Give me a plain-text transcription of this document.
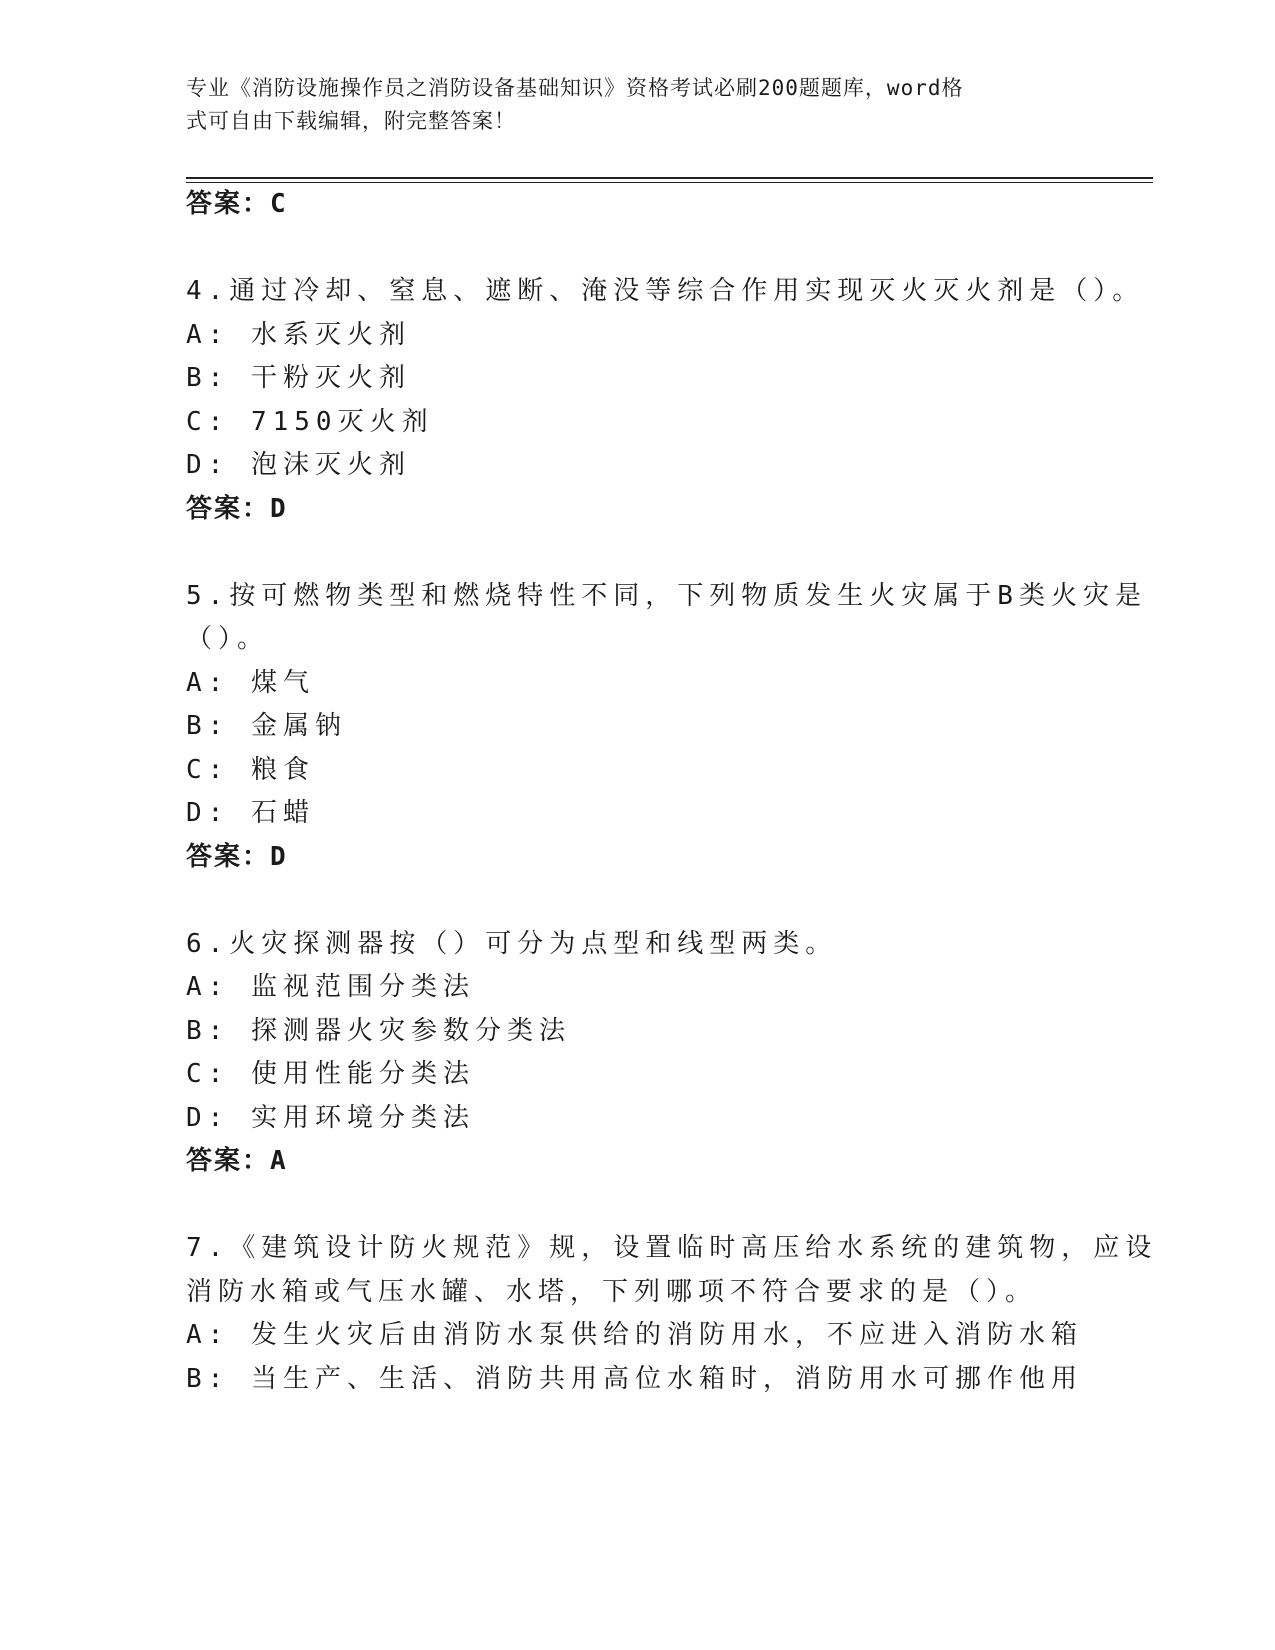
专业《消防设施操作员之消防设备基础知识》资格考试必刷200题题库，word格
式可自由下载编辑，附完整答案！
答案：C
4.通过冷却、窒息、遮断、淹没等综合作用实现灭火灭火剂是（）。
A: 水系灭火剂
B: 干粉灭火剂
C: 7150灭火剂
D: 泡沫灭火剂
答案：D
5.按可燃物类型和燃烧特性不同，下列物质发生火灾属于B类火灾是
（）。
A: 煤气
B: 金属钠
C: 粮食
D: 石蜡
答案：D
6.火灾探测器按（）可分为点型和线型两类。
A: 监视范围分类法
B: 探测器火灾参数分类法
C: 使用性能分类法
D: 实用环境分类法
答案：A
7.《建筑设计防火规范》规，设置临时高压给水系统的建筑物，应设
消防水箱或气压水罐、水塔，下列哪项不符合要求的是（）。
A: 发生火灾后由消防水泵供给的消防用水，不应进入消防水箱
B: 当生产、生活、消防共用高位水箱时，消防用水可挪作他用
